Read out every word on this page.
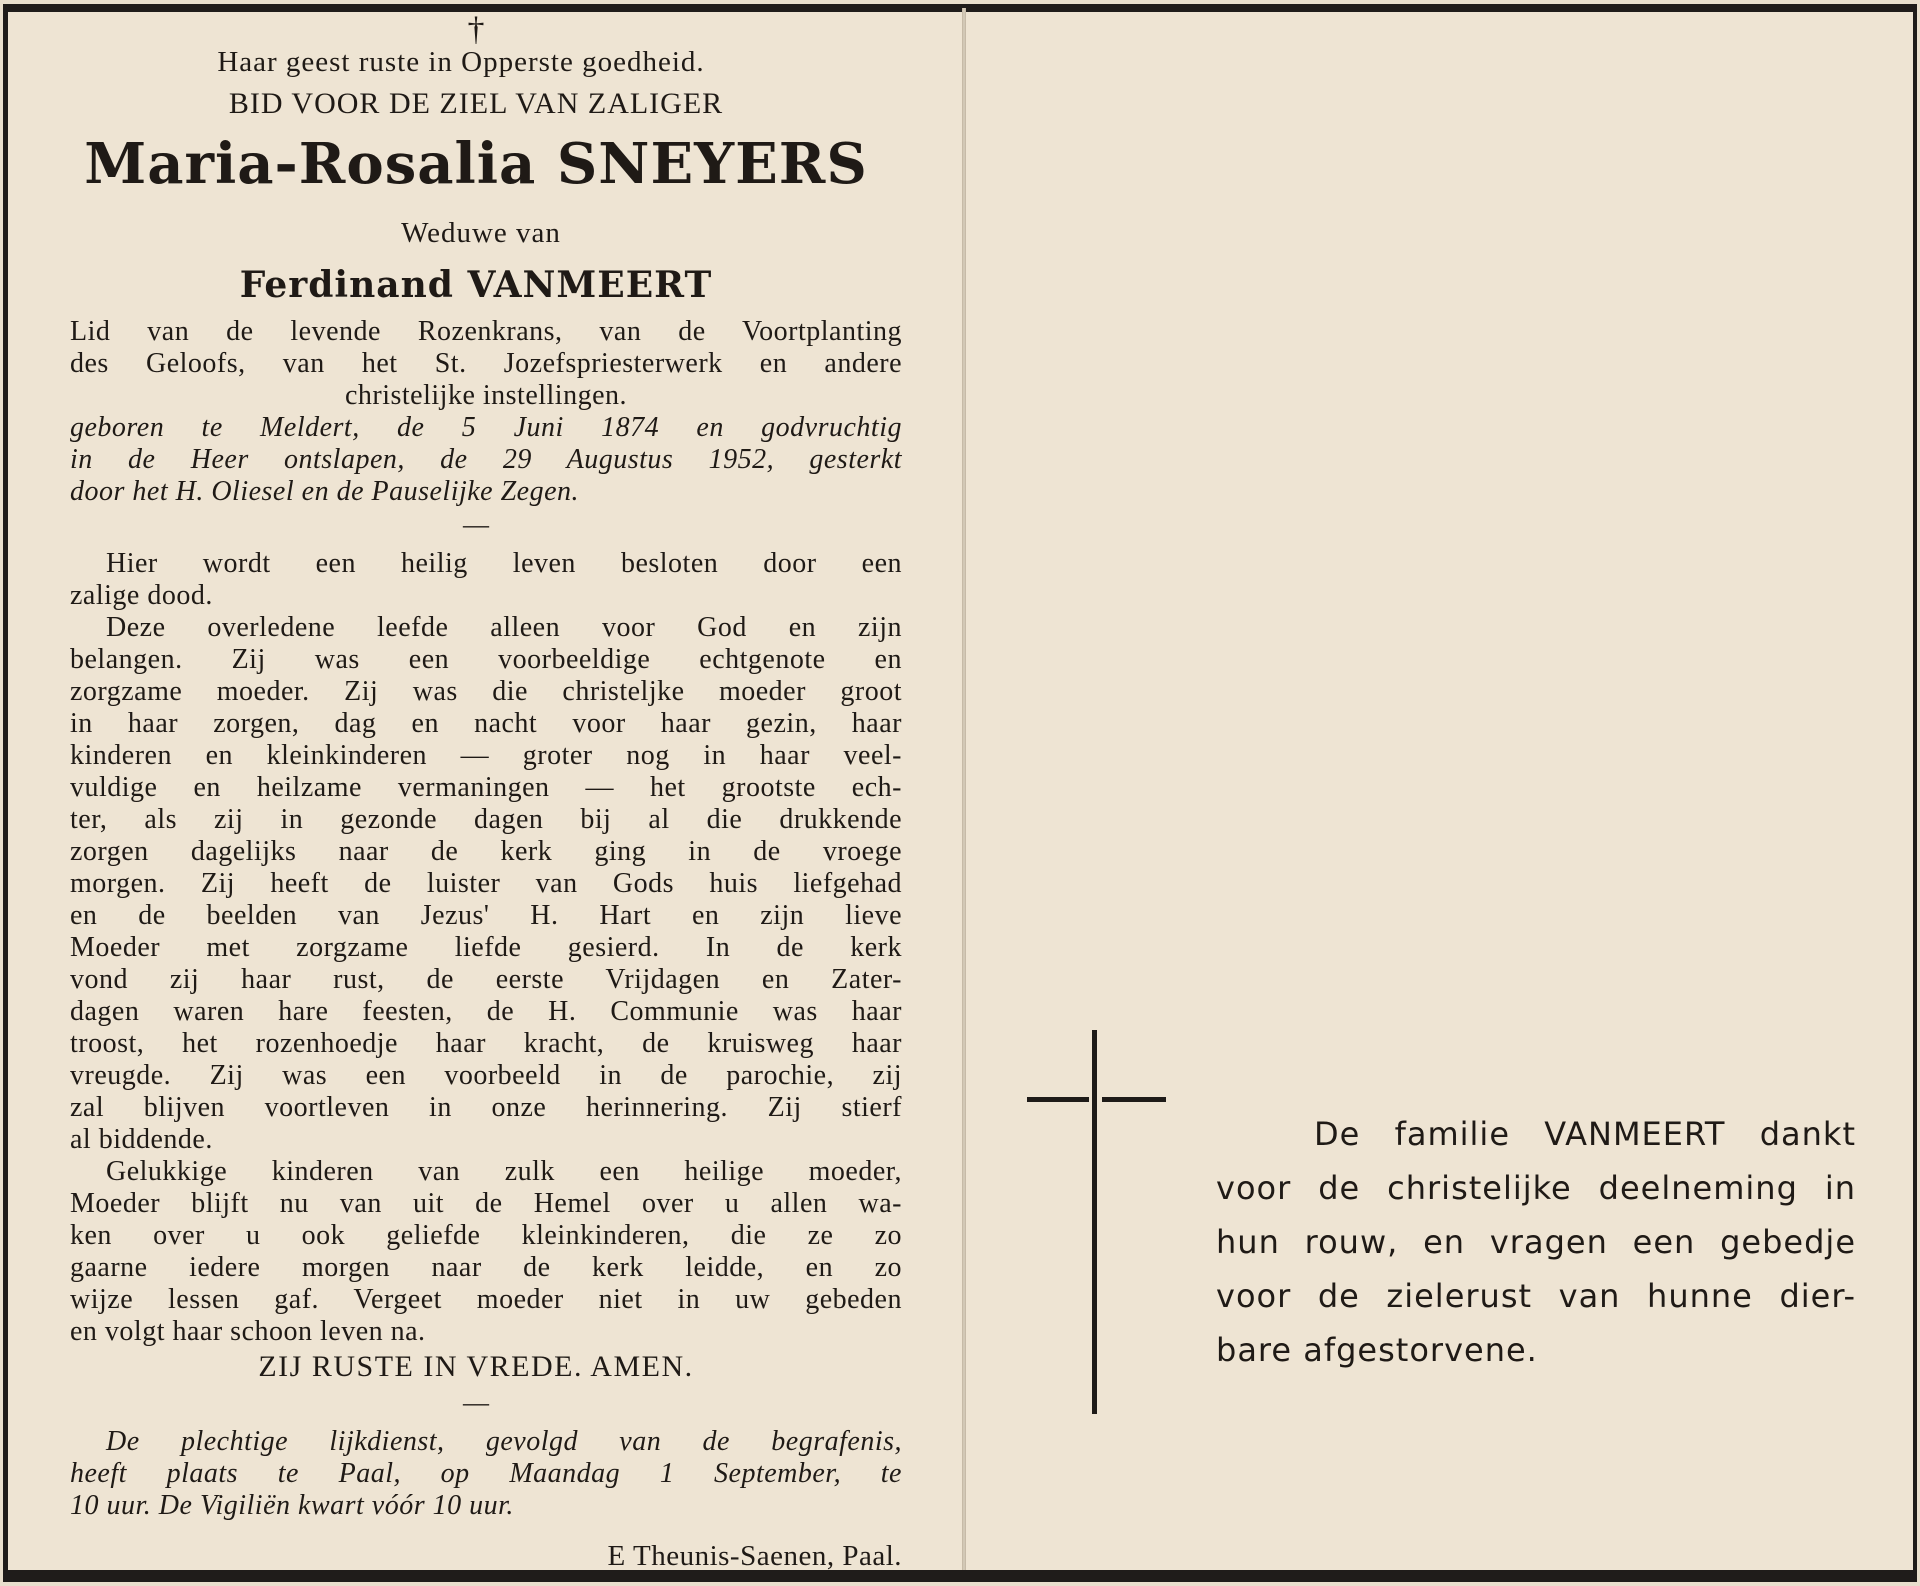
†
Haar geest ruste in Opperste goedheid.
BID VOOR DE ZIEL VAN ZALIGER
Maria-Rosalia SNEYERS
Weduwe van
Ferdinand VANMEERT
Lid van de levende Rozenkrans, van de Voortplanting
des Geloofs, van het St. Jozefspriesterwerk en andere
christelijke instellingen.
geboren te Meldert, de 5 Juni 1874 en godvruchtig
in de Heer ontslapen, de 29 Augustus 1952, gesterkt
door het H. Oliesel en de Pauselijke Zegen.
—
Hier wordt een heilig leven besloten door een
zalige dood.
Deze overledene leefde alleen voor God en zijn
belangen. Zij was een voorbeeldige echtgenote en
zorgzame moeder. Zij was die christeljke moeder groot
in haar zorgen, dag en nacht voor haar gezin, haar
kinderen en kleinkinderen — groter nog in haar veel-
vuldige en heilzame vermaningen — het grootste ech-
ter, als zij in gezonde dagen bij al die drukkende
zorgen dagelijks naar de kerk ging in de vroege
morgen. Zij heeft de luister van Gods huis liefgehad
en de beelden van Jezus' H. Hart en zijn lieve
Moeder met zorgzame liefde gesierd. In de kerk
vond zij haar rust, de eerste Vrijdagen en Zater-
dagen waren hare feesten, de H. Communie was haar
troost, het rozenhoedje haar kracht, de kruisweg haar
vreugde. Zij was een voorbeeld in de parochie, zij
zal blijven voortleven in onze herinnering. Zij stierf
al biddende.
Gelukkige kinderen van zulk een heilige moeder,
Moeder blijft nu van uit de Hemel over u allen wa-
ken over u ook geliefde kleinkinderen, die ze zo
gaarne iedere morgen naar de kerk leidde, en zo
wijze lessen gaf. Vergeet moeder niet in uw gebeden
en volgt haar schoon leven na.
ZIJ RUSTE IN VREDE. AMEN.
—
De plechtige lijkdienst, gevolgd van de begrafenis,
heeft plaats te Paal, op Maandag 1 September, te
10 uur. De Vigiliën kwart vóór 10 uur.
E Theunis-Saenen, Paal.
De familie VANMEERT dankt
voor de christelijke deelneming in
hun rouw, en vragen een gebedje
voor de zielerust van hunne dier-
bare afgestorvene.
